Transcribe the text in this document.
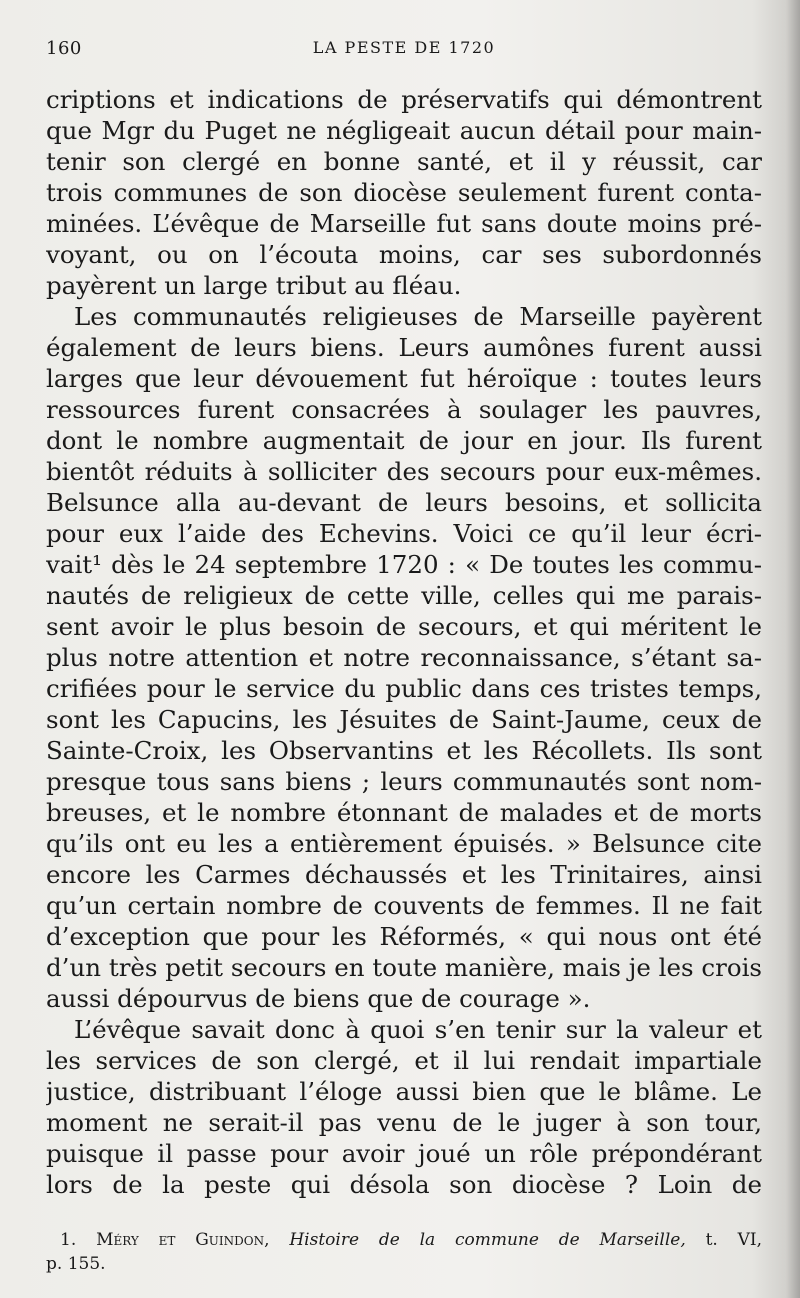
160	LA PESTE DE 1720
criptions et indications de préservatifs qui démontrent
que Mgr du Puget ne négligeait aucun détail pour main-
tenir son clergé en bonne santé, et il y réussit, car
trois communes de son diocèse seulement furent conta-
minées. L’évêque de Marseille fut sans doute moins pré-
voyant, ou on l’écouta moins, car ses subordonnés
payèrent un large tribut au fléau.
Les communautés religieuses de Marseille payèrent
également de leurs biens. Leurs aumônes furent aussi
larges que leur dévouement fut héroïque : toutes leurs
ressources furent consacrées à soulager les pauvres,
dont le nombre augmentait de jour en jour. Ils furent
bientôt réduits à solliciter des secours pour eux-mêmes.
Belsunce alla au-devant de leurs besoins, et sollicita
pour eux l’aide des Echevins. Voici ce qu’il leur écri-
vait¹ dès le 24 septembre 1720 : « De toutes les commu-
nautés de religieux de cette ville, celles qui me parais-
sent avoir le plus besoin de secours, et qui méritent le
plus notre attention et notre reconnaissance, s’étant sa-
crifiées pour le service du public dans ces tristes temps,
sont les Capucins, les Jésuites de Saint-Jaume, ceux de
Sainte-Croix, les Observantins et les Récollets. Ils sont
presque tous sans biens ; leurs communautés sont nom-
breuses, et le nombre étonnant de malades et de morts
qu’ils ont eu les a entièrement épuisés. » Belsunce cite
encore les Carmes déchaussés et les Trinitaires, ainsi
qu’un certain nombre de couvents de femmes. Il ne fait
d’exception que pour les Réformés, « qui nous ont été
d’un très petit secours en toute manière, mais je les crois
aussi dépourvus de biens que de courage ».
L’évêque savait donc à quoi s’en tenir sur la valeur et
les services de son clergé, et il lui rendait impartiale
justice, distribuant l’éloge aussi bien que le blâme. Le
moment ne serait-il pas venu de le juger à son tour,
puisque il passe pour avoir joué un rôle prépondérant
lors de la peste qui désola son diocèse ? Loin de
1. Méry et Guindon, Histoire de la commune de Marseille, t. VI,
p. 155.
